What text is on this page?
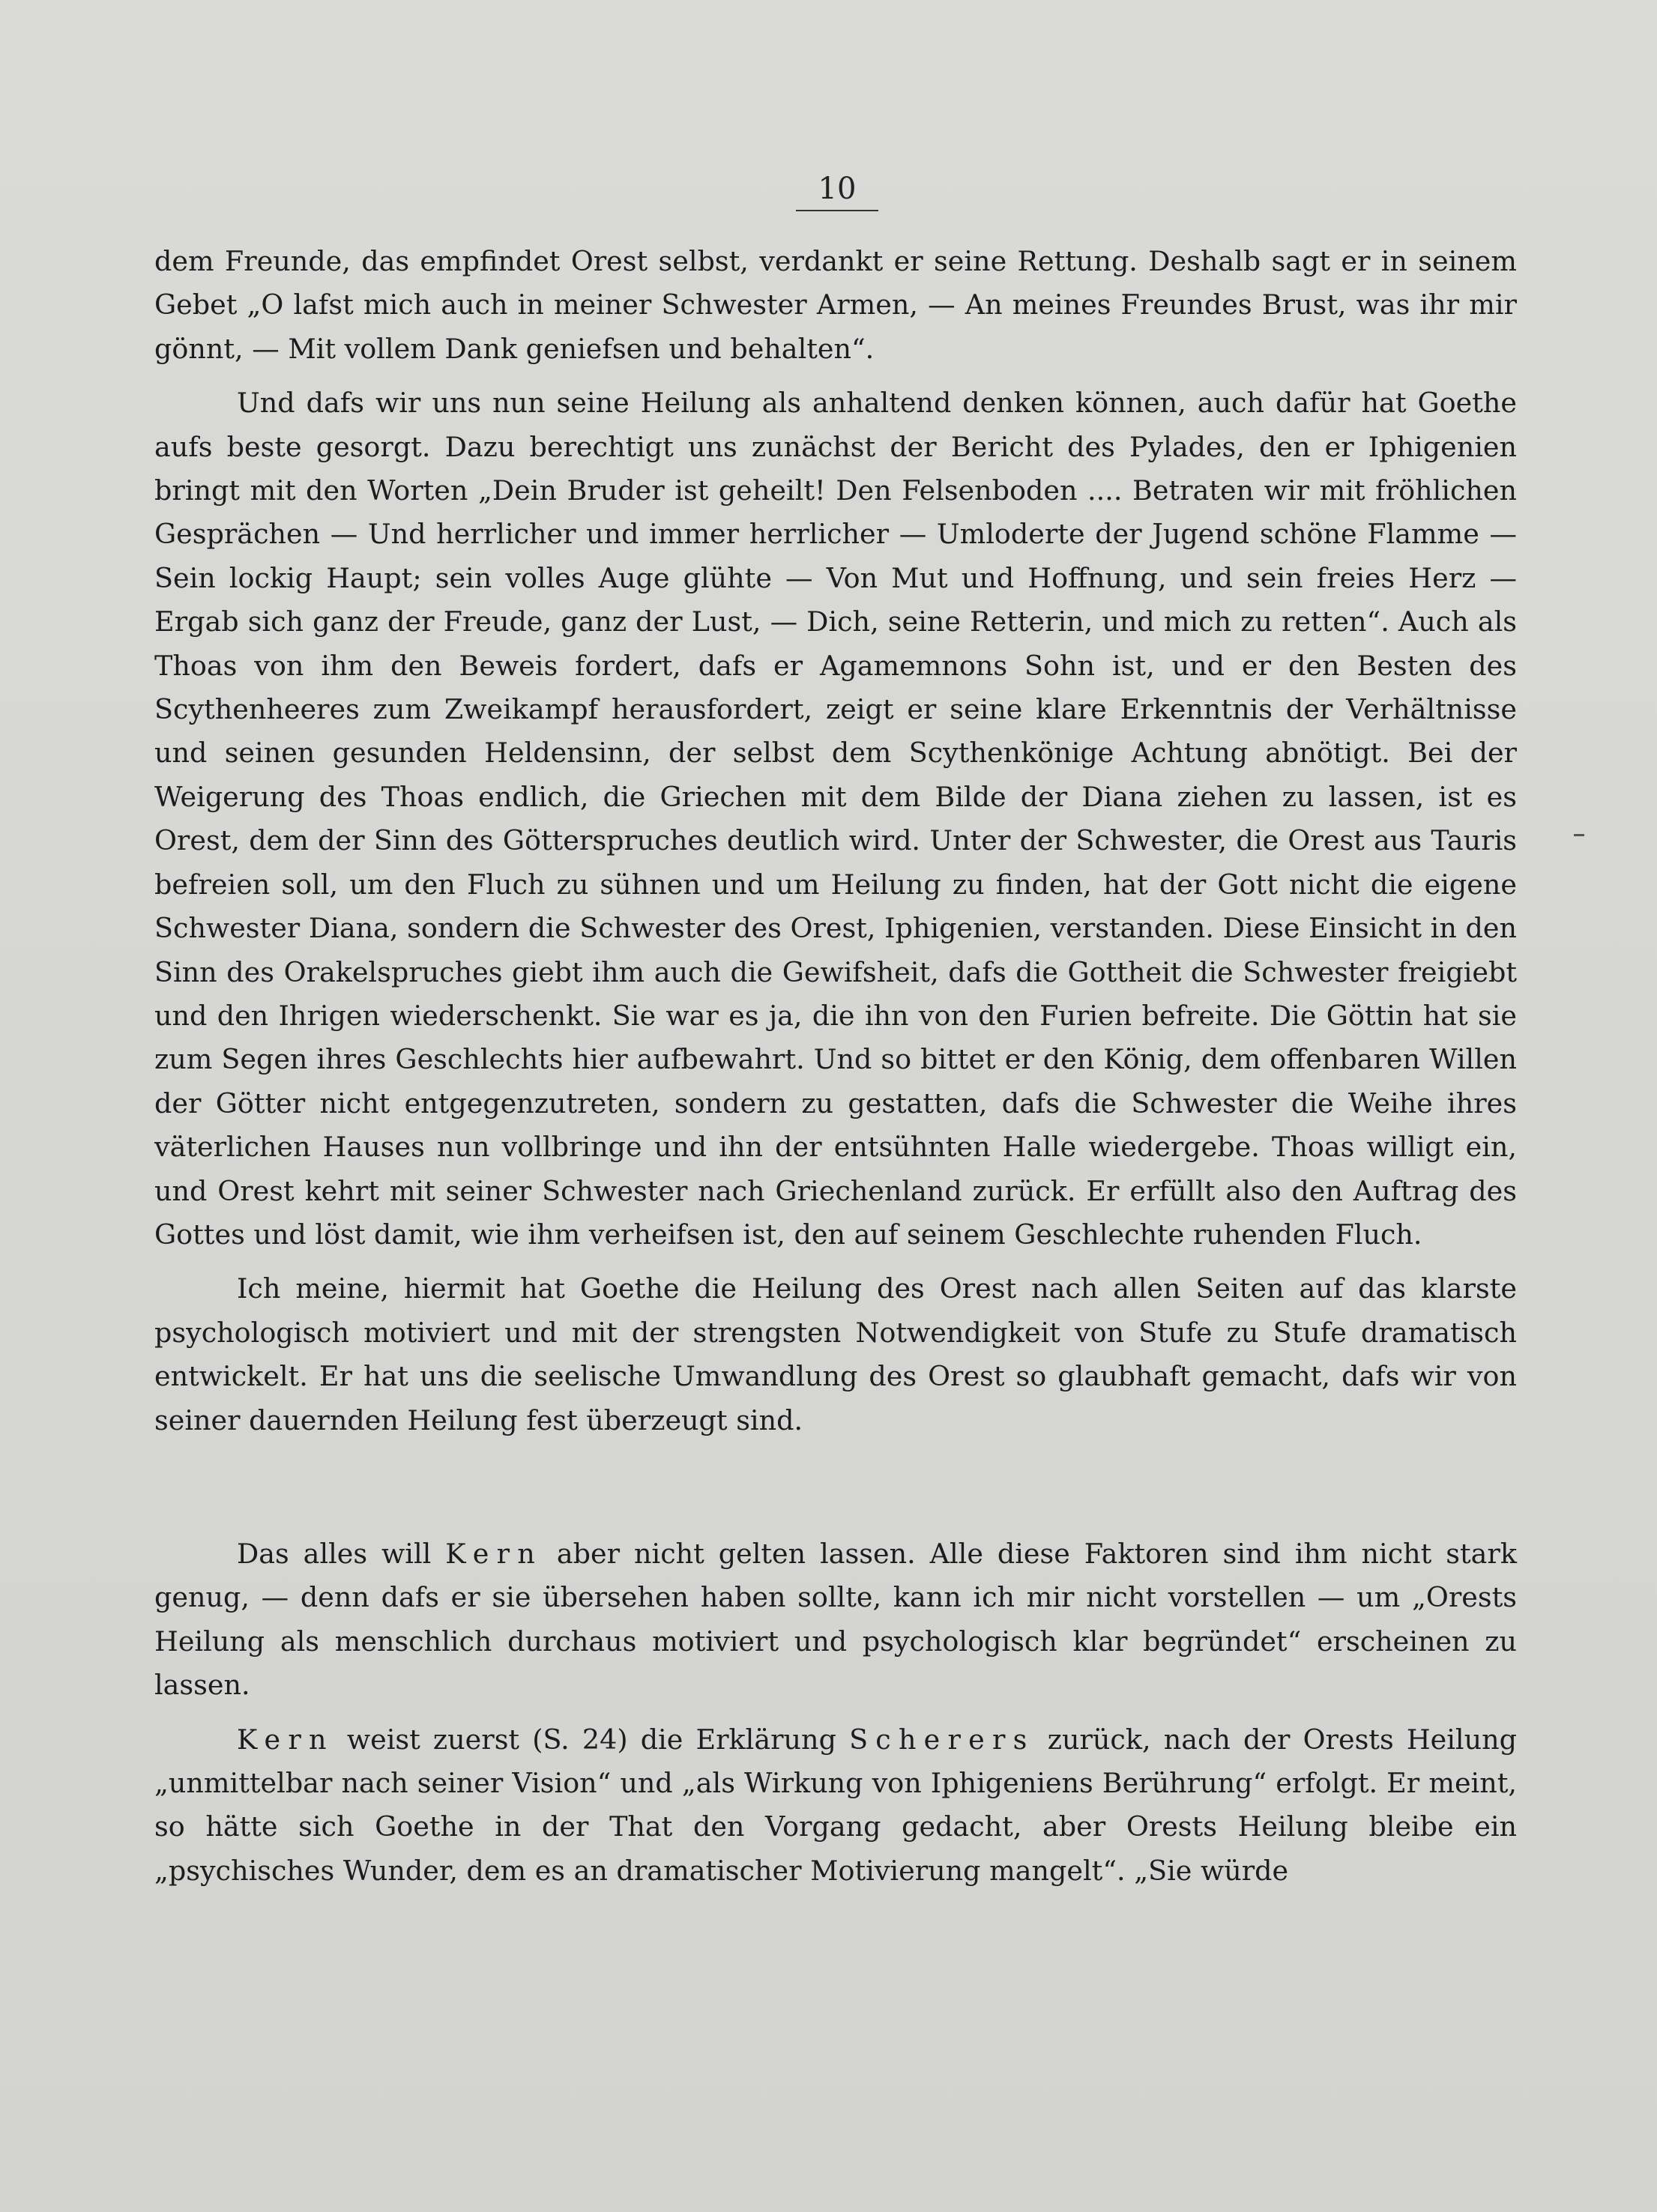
10

dem Freunde, das empfindet Orest selbst, verdankt er seine Rettung. Deshalb sagt er in seinem Gebet „O lafst mich auch in meiner Schwester Armen, — An meines Freundes Brust, was ihr mir gönnt, — Mit vollem Dank geniefsen und behalten“.

Und dafs wir uns nun seine Heilung als anhaltend denken können, auch dafür hat Goethe aufs beste gesorgt. Dazu berechtigt uns zunächst der Bericht des Pylades, den er Iphigenien bringt mit den Worten „Dein Bruder ist geheilt! Den Felsenboden .... Betraten wir mit fröhlichen Gesprächen — Und herrlicher und immer herrlicher — Umloderte der Jugend schöne Flamme — Sein lockig Haupt; sein volles Auge glühte — Von Mut und Hoffnung, und sein freies Herz — Ergab sich ganz der Freude, ganz der Lust, — Dich, seine Retterin, und mich zu retten“. Auch als Thoas von ihm den Beweis fordert, dafs er Agamemnons Sohn ist, und er den Besten des Scythenheeres zum Zweikampf herausfordert, zeigt er seine klare Erkenntnis der Verhältnisse und seinen gesunden Heldensinn, der selbst dem Scythenkönige Achtung abnötigt. Bei der Weigerung des Thoas endlich, die Griechen mit dem Bilde der Diana ziehen zu lassen, ist es Orest, dem der Sinn des Götterspruches deutlich wird. Unter der Schwester, die Orest aus Tauris befreien soll, um den Fluch zu sühnen und um Heilung zu finden, hat der Gott nicht die eigene Schwester Diana, sondern die Schwester des Orest, Iphigenien, verstanden. Diese Einsicht in den Sinn des Orakelspruches giebt ihm auch die Gewifsheit, dafs die Gottheit die Schwester freigiebt und den Ihrigen wiederschenkt. Sie war es ja, die ihn von den Furien befreite. Die Göttin hat sie zum Segen ihres Geschlechts hier aufbewahrt. Und so bittet er den König, dem offenbaren Willen der Götter nicht entgegenzutreten, sondern zu gestatten, dafs die Schwester die Weihe ihres väterlichen Hauses nun vollbringe und ihn der entsühnten Halle wiedergebe. Thoas willigt ein, und Orest kehrt mit seiner Schwester nach Griechenland zurück. Er erfüllt also den Auftrag des Gottes und löst damit, wie ihm verheifsen ist, den auf seinem Geschlechte ruhenden Fluch.

Ich meine, hiermit hat Goethe die Heilung des Orest nach allen Seiten auf das klarste psychologisch motiviert und mit der strengsten Notwendigkeit von Stufe zu Stufe dramatisch entwickelt. Er hat uns die seelische Umwandlung des Orest so glaubhaft gemacht, dafs wir von seiner dauernden Heilung fest überzeugt sind.

Das alles will Kern aber nicht gelten lassen. Alle diese Faktoren sind ihm nicht stark genug, — denn dafs er sie übersehen haben sollte, kann ich mir nicht vorstellen — um „Orests Heilung als menschlich durchaus motiviert und psychologisch klar begründet“ erscheinen zu lassen.

Kern weist zuerst (S. 24) die Erklärung Scherers zurück, nach der Orests Heilung „unmittelbar nach seiner Vision“ und „als Wirkung von Iphigeniens Berührung“ erfolgt. Er meint, so hätte sich Goethe in der That den Vorgang gedacht, aber Orests Heilung bleibe ein „psychisches Wunder, dem es an dramatischer Motivierung mangelt“. „Sie würde
